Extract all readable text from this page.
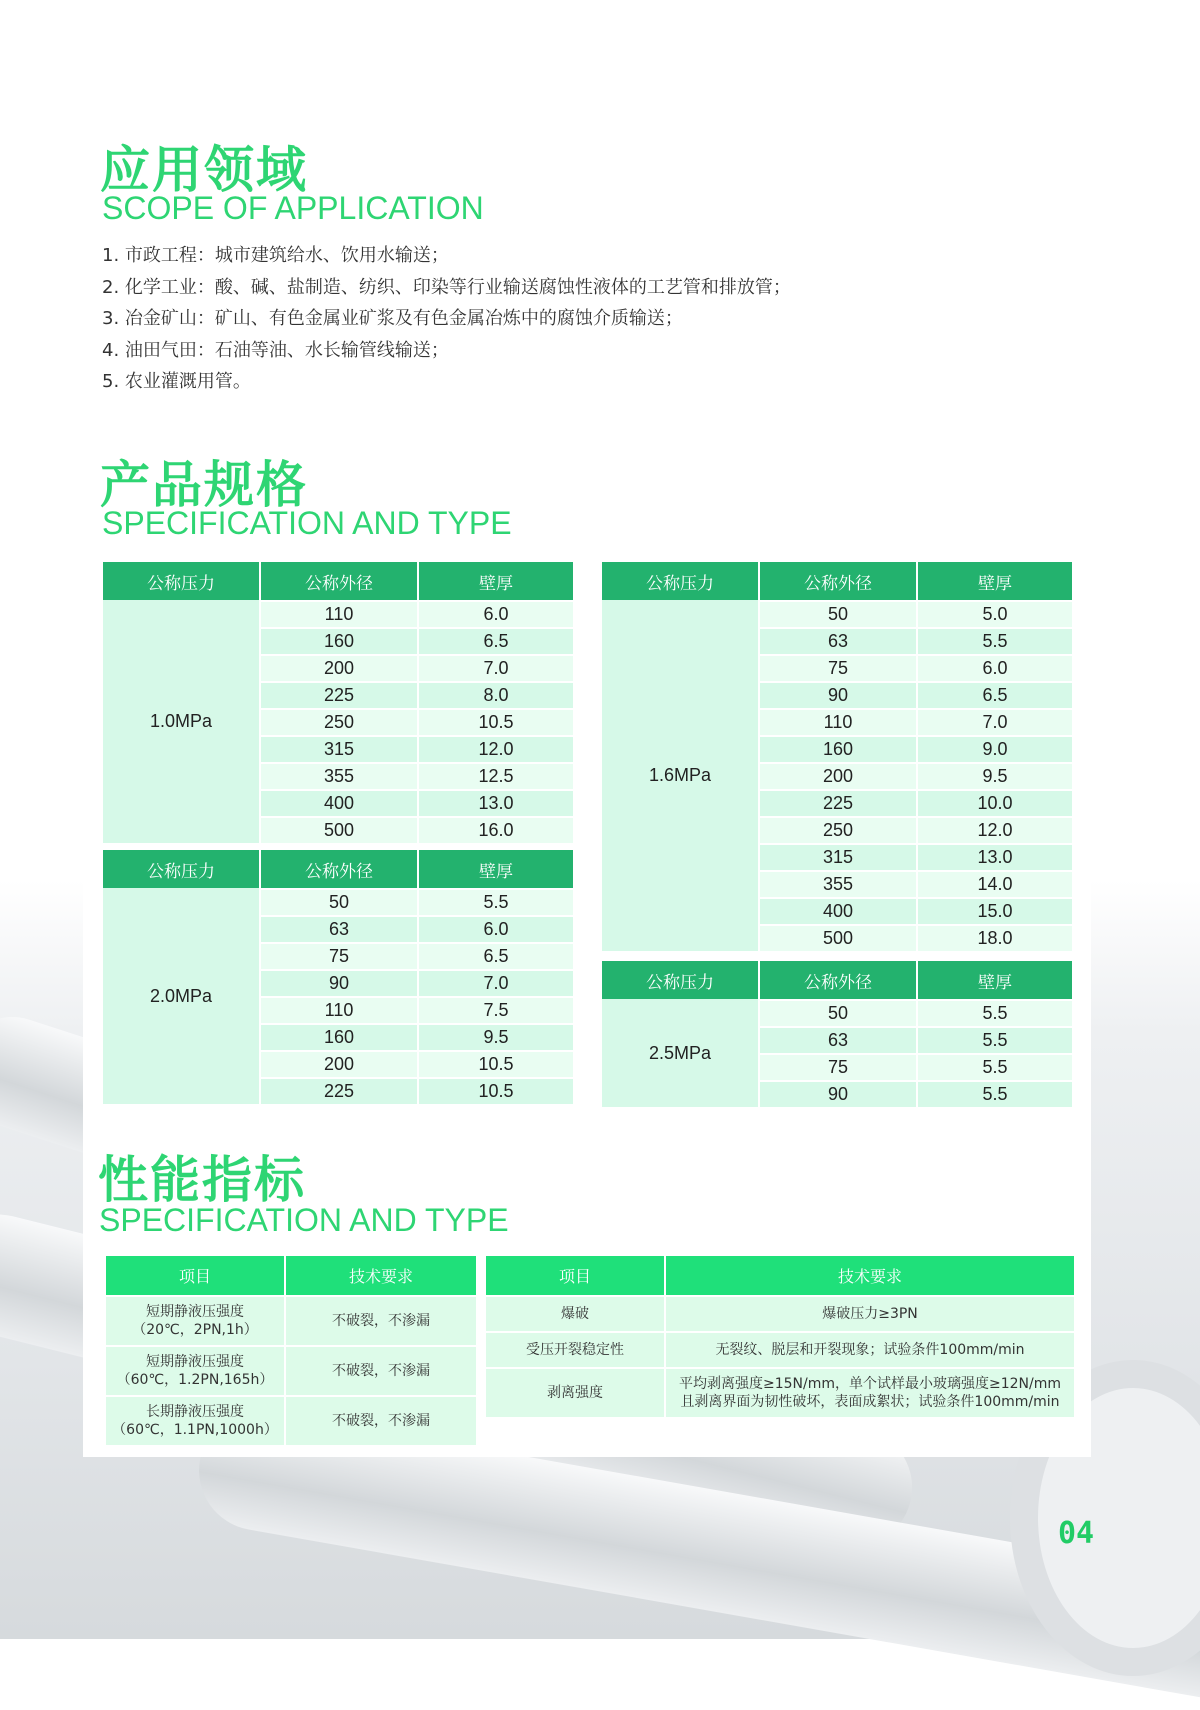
应用领域
SCOPE OF APPLICATION
1. 市政工程：城市建筑给水、饮用水输送；
2. 化学工业：酸、碱、盐制造、纺织、印染等行业输送腐蚀性液体的工艺管和排放管；
3. 冶金矿山：矿山、有色金属业矿浆及有色金属冶炼中的腐蚀介质输送；
4. 油田气田：石油等油、水长输管线输送；
5. 农业灌溉用管。
产品规格
SPECIFICATION AND TYPE
公称压力	公称外径	壁厚
1.0MPa	110	6.0
	160	6.5
	200	7.0
	225	8.0
	250	10.5
	315	12.0
	355	12.5
	400	13.0
	500	16.0
公称压力	公称外径	壁厚
2.0MPa	50	5.5
	63	6.0
	75	6.5
	90	7.0
	110	7.5
	160	9.5
	200	10.5
	225	10.5
公称压力	公称外径	壁厚
1.6MPa	50	5.0
	63	5.5
	75	6.0
	90	6.5
	110	7.0
	160	9.0
	200	9.5
	225	10.0
	250	12.0
	315	13.0
	355	14.0
	400	15.0
	500	18.0
公称压力	公称外径	壁厚
2.5MPa	50	5.5
	63	5.5
	75	5.5
	90	5.5
性能指标
SPECIFICATION AND TYPE
项目	技术要求

短期静液压强度
（20℃，2PN,1h）	不破裂，不渗漏

短期静液压强度
（60℃，1.2PN,165h）	不破裂，不渗漏

长期静液压强度
（60℃，1.1PN,1000h）	不破裂，不渗漏
项目	技术要求
爆破	爆破压力≥3PN

受压开裂稳定性	无裂纹、脱层和开裂现象；试验条件100mm/min

剥离强度	平均剥离强度≥15N/mm，单个试样最小玻璃强度≥12N/mm
且剥离界面为韧性破坏，表面成絮状；试验条件100mm/min
04
